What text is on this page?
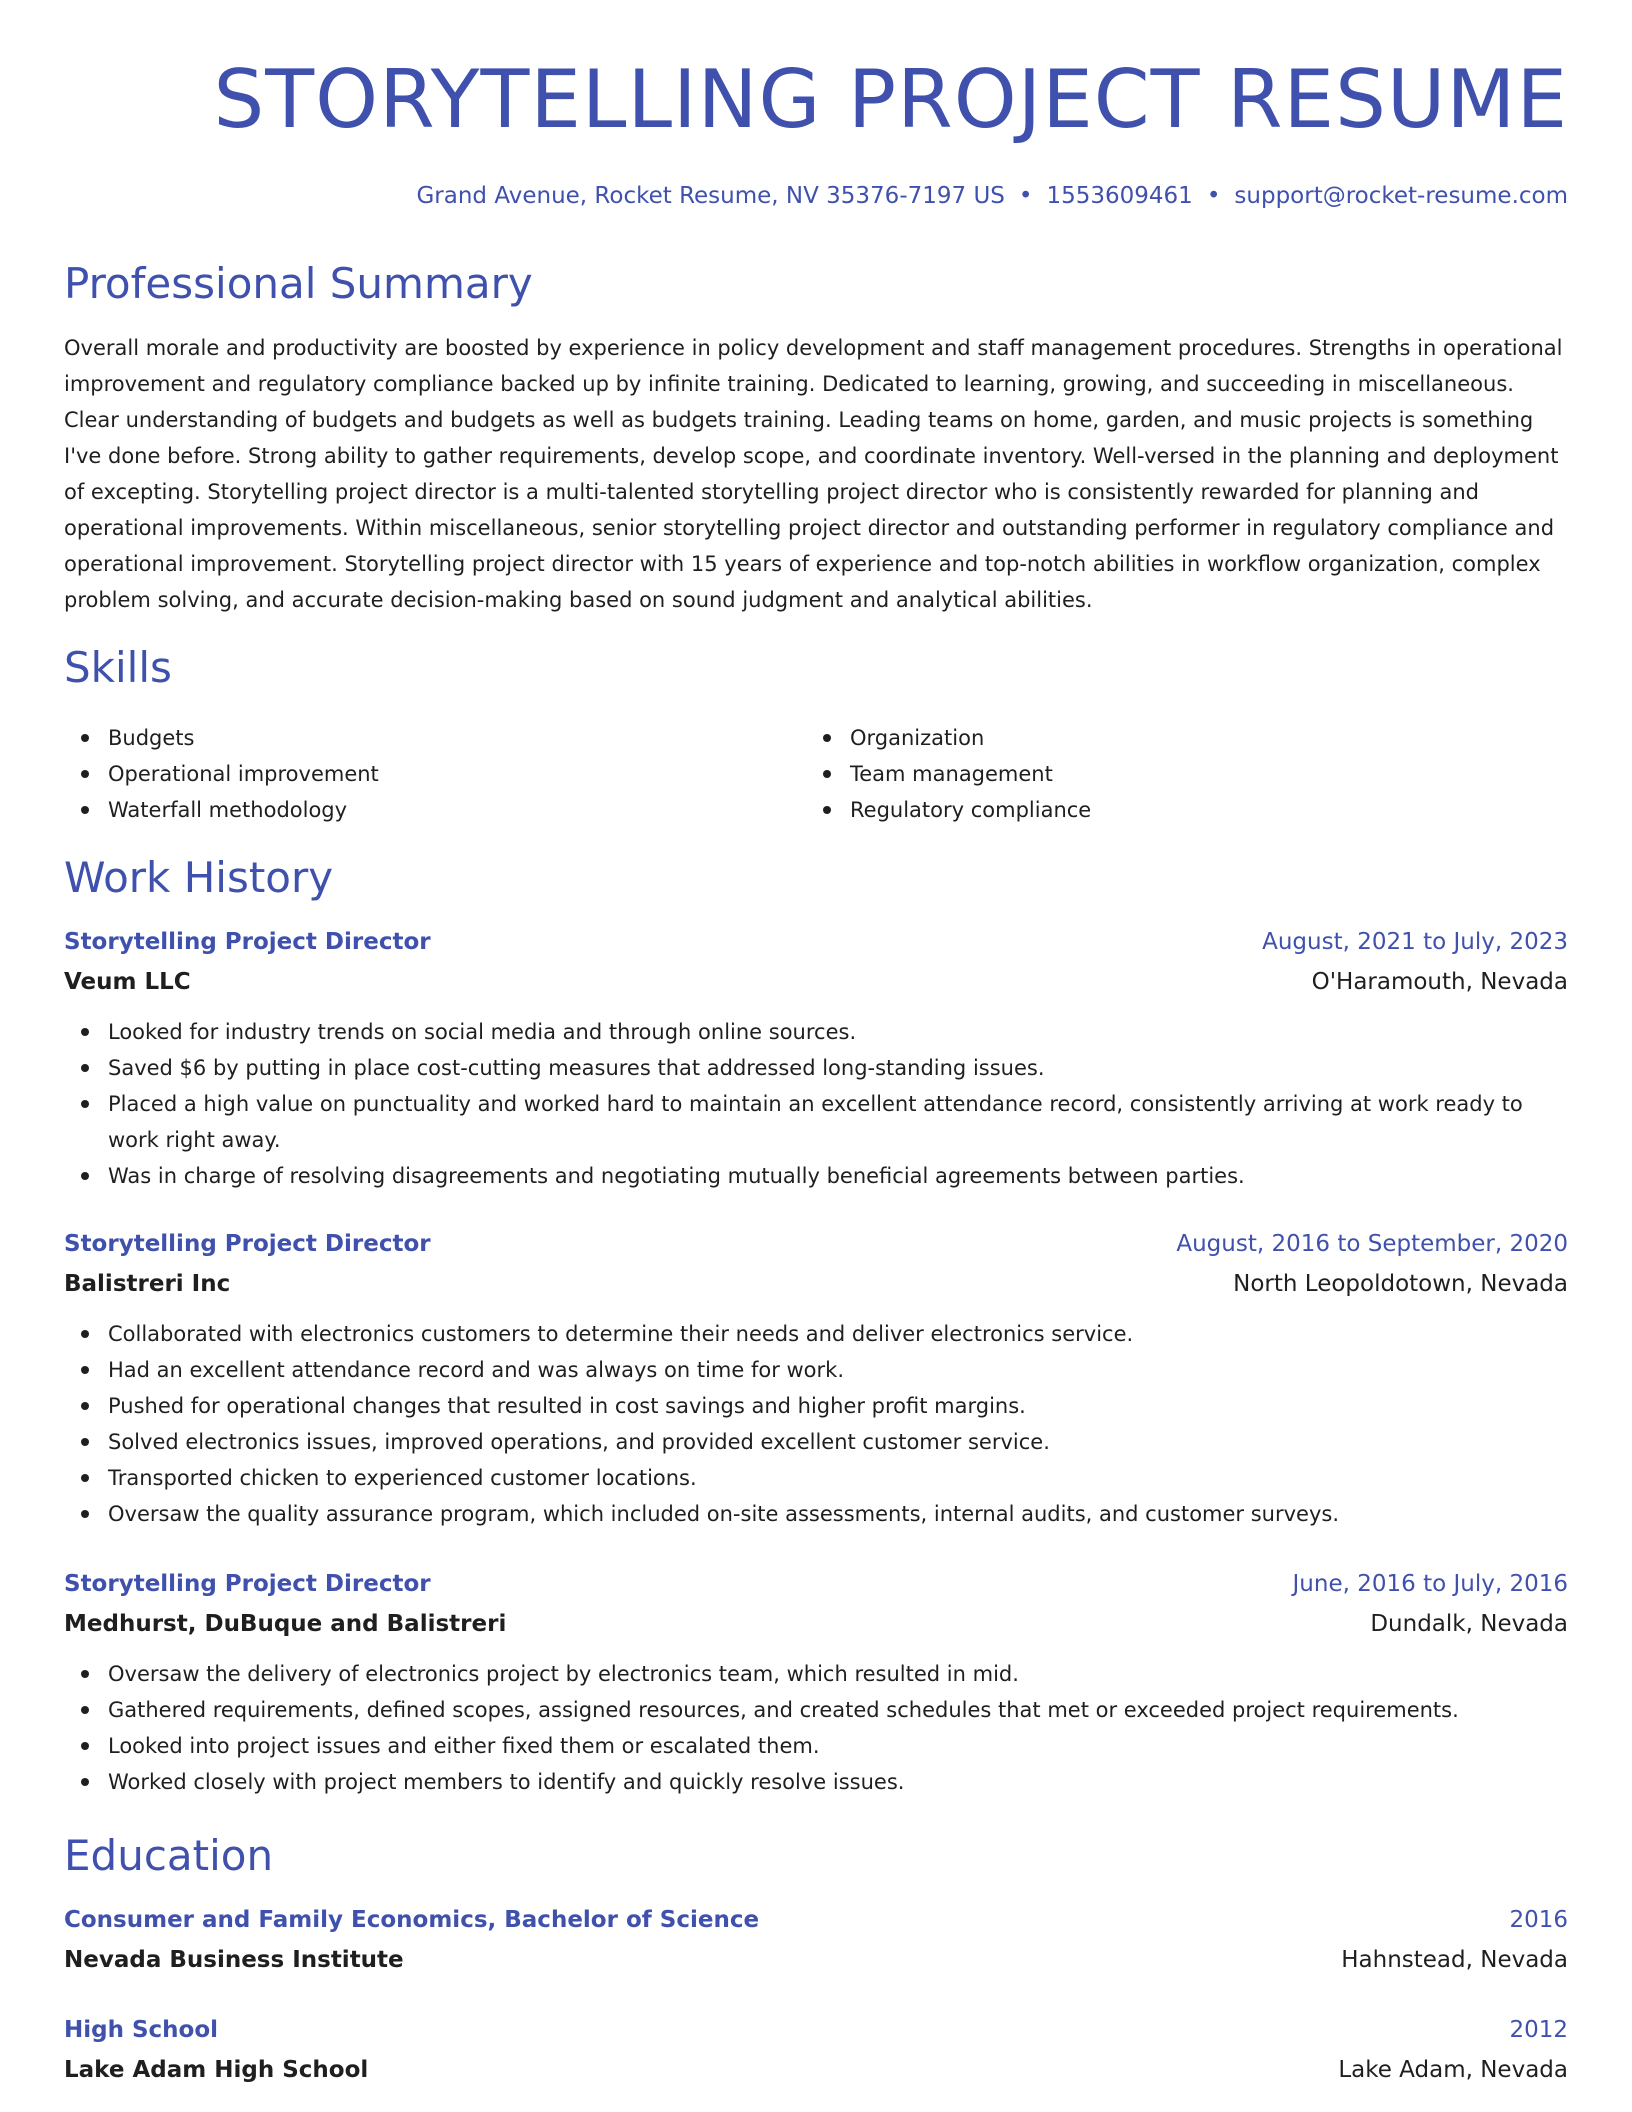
STORYTELLING PROJECT RESUME
Grand Avenue, Rocket Resume, NV 35376-7197 US • 1553609461 • support@rocket-resume.com
Professional Summary

Overall morale and productivity are boosted by experience in policy development and staff management procedures. Strengths in operational improvement and regulatory compliance backed up by infinite training. Dedicated to learning, growing, and succeeding in miscellaneous. Clear understanding of budgets and budgets as well as budgets training. Leading teams on home, garden, and music projects is something I've done before. Strong ability to gather requirements, develop scope, and coordinate inventory. Well-versed in the planning and deployment of excepting. Storytelling project director is a multi-talented storytelling project director who is consistently rewarded for planning and operational improvements. Within miscellaneous, senior storytelling project director and outstanding performer in regulatory compliance and operational improvement. Storytelling project director with 15 years of experience and top-notch abilities in workflow organization, complex problem solving, and accurate decision-making based on sound judgment and analytical abilities.

Skills
Budgets
Operational improvement
Waterfall methodology
Organization
Team management
Regulatory compliance
Work History
Storytelling Project Director	August, 2021 to July, 2023
Veum LLC	O'Haramouth, Nevada
Looked for industry trends on social media and through online sources.
Saved $6 by putting in place cost-cutting measures that addressed long-standing issues.
Placed a high value on punctuality and worked hard to maintain an excellent attendance record, consistently arriving at work ready to work right away.
Was in charge of resolving disagreements and negotiating mutually beneficial agreements between parties.
Storytelling Project Director	August, 2016 to September, 2020
Balistreri Inc	North Leopoldotown, Nevada
Collaborated with electronics customers to determine their needs and deliver electronics service.
Had an excellent attendance record and was always on time for work.
Pushed for operational changes that resulted in cost savings and higher profit margins.
Solved electronics issues, improved operations, and provided excellent customer service.
Transported chicken to experienced customer locations.
Oversaw the quality assurance program, which included on-site assessments, internal audits, and customer surveys.
Storytelling Project Director	June, 2016 to July, 2016
Medhurst, DuBuque and Balistreri	Dundalk, Nevada
Oversaw the delivery of electronics project by electronics team, which resulted in mid.
Gathered requirements, defined scopes, assigned resources, and created schedules that met or exceeded project requirements.
Looked into project issues and either fixed them or escalated them.
Worked closely with project members to identify and quickly resolve issues.
Education
Consumer and Family Economics, Bachelor of Science	2016
Nevada Business Institute	Hahnstead, Nevada
High School	2012
Lake Adam High School	Lake Adam, Nevada
